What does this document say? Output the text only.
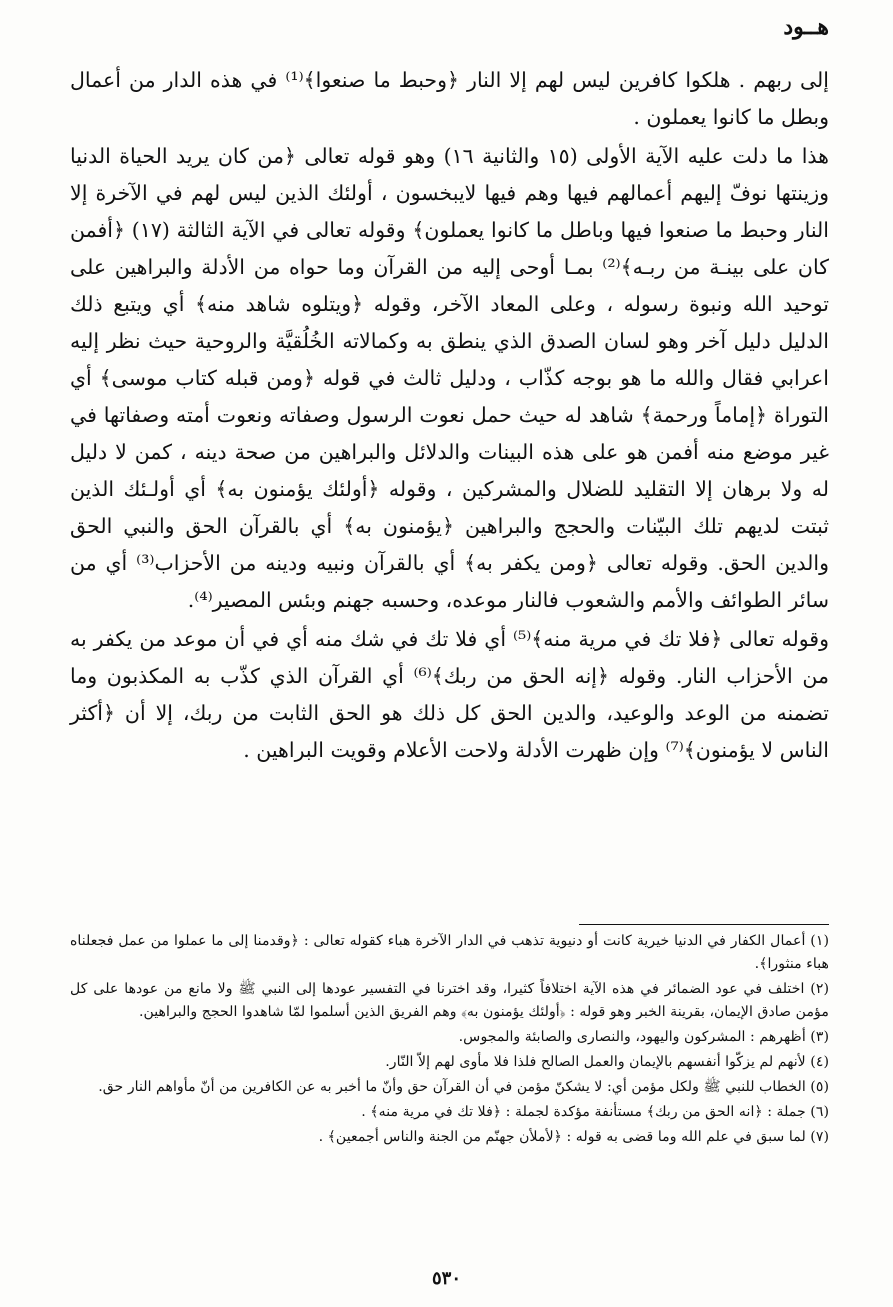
هــود

إلى ربهم . هلكوا كافرين ليس لهم إلا النار ﴿وحبط ما صنعوا﴾⁽¹⁾ في هذه الدار من أعمال وبطل ما كانوا يعملون .

هذا ما دلت عليه الآية الأولى (١٥ والثانية ١٦) وهو قوله تعالى ﴿من كان يريد الحياة الدنيا وزينتها نوفّ إليهم أعمالهم فيها وهم فيها لايبخسون ، أولئك الذين ليس لهم في الآخرة إلا النار وحبط ما صنعوا فيها وباطل ما كانوا يعملون﴾ وقوله تعالى في الآية الثالثة (١٧) ﴿أفمن كان على بينـة من ربـه﴾⁽²⁾ بمـا أوحى إليه من القرآن وما حواه من الأدلة والبراهين على توحيد الله ونبوة رسوله ، وعلى المعاد الآخر، وقوله ﴿ويتلوه شاهد منه﴾ أي ويتبع ذلك الدليل دليل آخر وهو لسان الصدق الذي ينطق به وكمالاته الخُلُقيَّة والروحية حيث نظر إليه اعرابي فقال والله ما هو بوجه كذّاب ، ودليل ثالث في قوله ﴿ومن قبله كتاب موسى﴾ أي التوراة ﴿إماماً ورحمة﴾ شاهد له حيث حمل نعوت الرسول وصفاته ونعوت أمته وصفاتها في غير موضع منه أفمن هو على هذه البينات والدلائل والبراهين من صحة دينه ، كمن لا دليل له ولا برهان إلا التقليد للضلال والمشركين ، وقوله ﴿أولئك يؤمنون به﴾ أي أولـئك الذين ثبتت لديهم تلك البيّنات والحجج والبراهين ﴿يؤمنون به﴾ أي بالقرآن الحق والنبي الحق والدين الحق. وقوله تعالى ﴿ومن يكفر به﴾ أي بالقرآن ونبيه ودينه من الأحزاب⁽³⁾ أي من سائر الطوائف والأمم والشعوب فالنار موعده، وحسبه جهنم وبئس المصير⁽⁴⁾.

وقوله تعالى ﴿فلا تك في مرية منه﴾⁽⁵⁾ أي فلا تك في شك منه أي في أن موعد من يكفر به من الأحزاب النار. وقوله ﴿إنه الحق من ربك﴾⁽⁶⁾ أي القرآن الذي كذّب به المكذبون وما تضمنه من الوعد والوعيد، والدين الحق كل ذلك هو الحق الثابت من ربك، إلا أن ﴿أكثر الناس لا يؤمنون﴾⁽⁷⁾ وإن ظهرت الأدلة ولاحت الأعلام وقويت البراهين .

(١) أعمال الكفار في الدنيا خيرية كانت أو دنيوية تذهب في الدار الآخرة هباء كقوله تعالى : ﴿وقدمنا إلى ما عملوا من عمل فجعلناه هباء منثورا﴾.
(٢) اختلف في عود الضمائر في هذه الآية اختلافاً كثيرا، وقد اخترنا في التفسير عودها إلى النبي ﷺ ولا مانع من عودها على كل مؤمن صادق الإيمان، بقرينة الخبر وهو قوله : ﴿أولئك يؤمنون به﴾ وهم الفريق الذين أسلموا لمّا شاهدوا الحجج والبراهين.
(٣) أظهرهم : المشركون واليهود، والنصارى والصابئة والمجوس.
(٤) لأنهم لم يزكّوا أنفسهم بالإيمان والعمل الصالح فلذا فلا مأوى لهم إلاّ النّار.
(٥) الخطاب للنبي ﷺ ولكل مؤمن أي: لا يشكنّ مؤمن في أن القرآن حق وأنّ ما أخبر به عن الكافرين من أنّ مأواهم النار حق.
(٦) جملة : ﴿انه الحق من ربك﴾ مستأنفة مؤكدة لجملة : ﴿فلا تك في مرية منه﴾ .
(٧) لما سبق في علم الله وما قضى به قوله : ﴿لأملأن جهنّم من الجنة والناس أجمعين﴾ .
٥٣٠
